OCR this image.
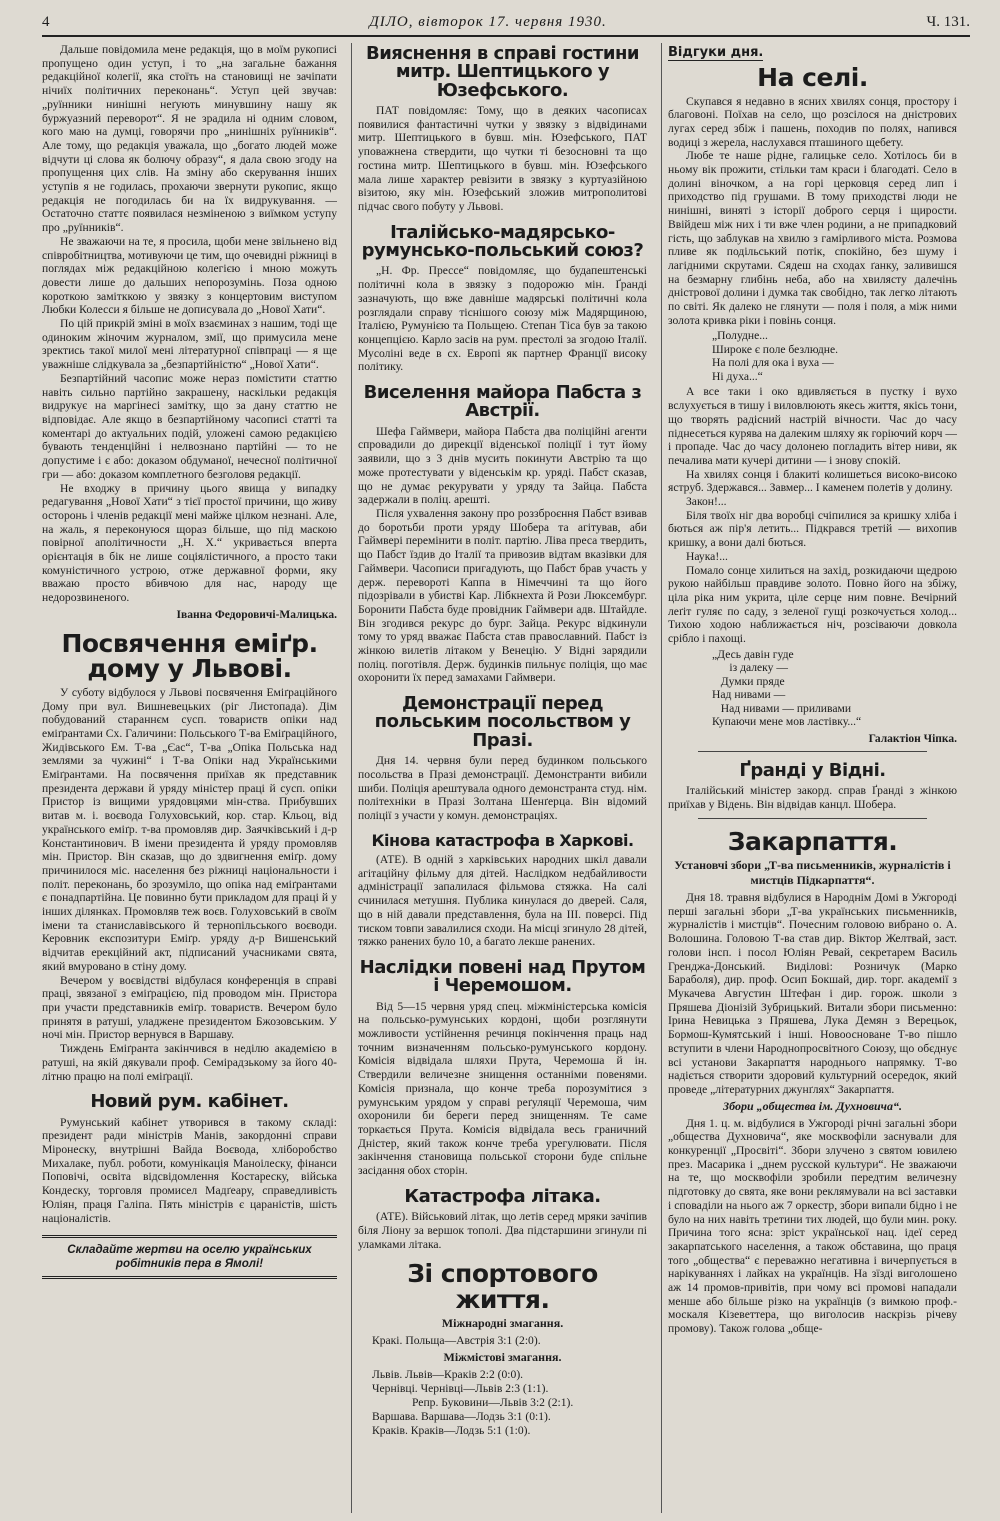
4	ДІЛО, вівторок 17. червня 1930.	Ч. 131.

Дальше повідомила мене редакція, що в моїм рукописі пропущено один уступ, і то „на загальне бажання редакційної колегії, яка стоїть на становищі не зачіпати нічиїх політичних переконань“. Уступ цей звучав: „руїнники нинішні неґують минувшину нашу як буржуазний переворот“. Я не зрадила ні одним словом, кого маю на думці, говорячи про „нинішніх руїнників“. Але тому, що редакція уважала, що „богато людей може відчути ці слова як болючу образу“, я дала свою згоду на пропущення цих слів. На зміну або скерування інших уступів я не годилась, прохаючи звернути рукопис, якщо редакція не погодилась би на їх видрукування. — Остаточно статтє появилася незміненою з виїмком уступу про „руїнників“.

Не зважаючи на те, я просила, щоби мене звільнено від співробітництва, мотивуючи це тим, що очевидні ріжниці в поглядах між редакційною колегією і мною можуть довести лише до дальших непорозумінь. Поза одною короткою замітккою у звязку з концертовим виступом Любки Колесси я більше не дописувала до „Нової Хати“.

По цій прикрій зміні в моїх взаєминах з нашим, тоді ще одиноким жіночим журналом, змії, що примусила мене зректись такої милої мені літературної співпраці — я ще уважніше слідкувала за „безпартійністю“ „Нової Хати“.

Безпартійний часопис може нераз помістити статтю навіть сильно партійно закрашену, наскільки редакція видрукує на маргінесі замітку, що за дану статтю не відповідає. Але якщо в безпартійному часописі статті та коментарі до актуальних подій, уложені самою редакцією бувають тенденційні і нелвознано партійні — то не допустиме і є або: доказом обдуманої, нечесної політичної гри — або: доказом комплетного безголовя редакції.

Не входжу в причину цього явища у випадку редагування „Нової Хати“ з тієї простої причини, що живу осторонь і членів редакції мені майже цілком незнані. Але, на жаль, я переконуюся щораз більше, що під маскою повірної аполітичности „Н. Х.“ укривається вперта орієнтація в бік не лише соціялістичного, а просто таки комуністичного устрою, отже державної форми, яку вважаю просто вбивчою для нас, народу ще недорозвиненого.

Іванна Федоровичі-Малицька.
Посвячення еміґр. дому у Львові.

У суботу відбулося у Львові посвячення Еміґраційного Дому при вул. Вишневецьких (ріг Листопада). Дім побудований стараннєм сусп. товариств опіки над еміґрантами Сх. Галичини: Польського Т-ва Еміґраційного, Жидівського Ем. Т-ва „Єас“, Т-ва „Опіка Польська над землями за чужині“ і Т-ва Опіки над Українськими Еміґрантами. На посвячення приїхав як представник президента держави й уряду міністер праці й сусп. опіки Пристор із вищими урядовцями мін-ства. Прибувших витав м. і. воєвода Голуховський, кор. стар. Кльоц, від українського еміґр. т-ва промовляв дир. Заячківський і д-р Константинович. В імени президента й уряду промовляв мін. Пристор. Він сказав, що до здвигнення еміґр. дому причинилося міс. населення без ріжниці національности і політ. переконань, бо зрозуміло, що опіка над еміґрантами є понадпартійна. Це повинно бути прикладом для праці й у інших ділянках. Промовляв теж воєв. Голуховський в своїм імени та станиславівського й тернопільського воєводи. Керовник експозитури Еміґр. уряду д-р Вишенський відчитав ерекційний акт, підписаний учасниками свята, який вмуровано в стіну дому.

Вечером у воєвідстві відбулася конференція в справі праці, звязаної з еміґрацією, під проводом мін. Пристора при участи представників еміґр. товариств. Вечером було принятя в ратуші, уладжене президентом Бжозовським. У ночі мін. Пристор вернувся в Варшаву.

Тиждень Еміґранта закінчився в неділю академією в ратуші, на якій дякували проф. Семірадзькому за його 40-літню працю на полі еміґрації.

Новий рум. кабінет.

Румунський кабінет утворився в такому складі: президент ради міністрів Манів, закордонні справи Міронеску, внутрішні Вайда Воєвода, хліборобство Михалаке, публ. роботи, комунікація Маноілеску, фінанси Поповічі, освіта відсвідомлення Костареску, війська Кондеску, торговля промисел Мадґеару, справедливість Юліян, праця Галіпа. Пять міністрів є цараністів, шість націоналістів.

Складайте жертви на оселю українських робітників пера в Ямолі!
Вияснення в справі гостини митр. Шептицького у Юзефського.

ПАТ повідомляє: Тому, що в деяких часописах появилися фантастичні чутки у звязку з відвідинами митр. Шептицького в бувш. мін. Юзефського, ПАТ уповажнена ствердити, що чутки ті безосновні та що гостина митр. Шептицького в бувш. мін. Юзефського мала лише характер ревізити в звязку з куртуазійною візитою, яку мін. Юзефський зложив митрополитові підчас свого побуту у Львові.

Італійсько-мадярсько-румунсько-польський союз?

„Н. Фр. Прессе“ повідомляє, що будапештенські політичні кола в звязку з подорожю мін. Ґранді зазначують, що вже давніше мадярські політичні кола розглядали справу тіснішого союзу між Мадярщиною, Італією, Румунією та Польщею. Степан Тіса був за такою концепцією. Карло засів на рум. престолі за згодою Італії. Мусоліні веде в сх. Европі як партнер Франції високу політику.

Виселення майора Пабста з Австрії.

Шефа Гаймвери, майора Пабста два поліційні агенти спровадили до дирекції віденської поліції і тут йому заявили, що з 3 днів мусить покинути Австрію та що може протестувати у віденськім кр. уряді. Пабст сказав, що не думає рекурувати у уряду та Зайца. Пабста задержали в поліц. арешті.

Після ухвалення закону про роззброєння Пабст взивав до боротьби проти уряду Шобера та агітував, аби Гаймвері перемінити в політ. партію. Ліва преса твердить, що Пабст їздив до Італії та привозив відтам вказівки для Гаймвери. Часописи пригадують, що Пабст брав участь у держ. перевороті Каппа в Німеччині та що його підозрівали в убистві Кар. Лібкнехта й Рози Люксембург. Боронити Пабста буде провідник Гаймвери адв. Штайдле. Він згодився рекурс до бург. Зайца. Рекурс відкинули тому то уряд вважає Пабста став православний. Пабст із жінкою вилетів літаком у Венецію. У Відні зарядили поліц. поготівля. Держ. будинків пильнує поліція, що має охоронити їх перед замахами Гаймвери.

Демонстрації перед польським посольством у Празі.

Дня 14. червня були перед будинком польського посольства в Празі демонстрації. Демонстранти вибили шиби. Поліція арештувала одного демонстранта студ. нім. політехніки в Празі Золтана Шенґерца. Він відомий поліції з участи у комун. демонстраціях.

Кінова катастрофа в Харкові.

(АТЕ). В одній з харківських народних шкіл давали агітаційну фільму для дітей. Наслідком недбайливости адміністрації запалилася фільмова стяжка. На салі счинилася метушня. Публика кинулася до дверей. Саля, що в ній давали представлення, була на III. поверсі. Під тиском товпи завалилися сходи. На місці згинуло 28 дітей, тяжко ранених було 10, а багато лекше ранених.

Наслідки повені над Прутом і Черемошом.

Від 5—15 червня уряд спец. міжміністерська комісія на польсько-румунських кордоні, щоби розглянути можливости устійнення речинця покінчення праць над точним визначенням польсько-румунського кордону. Комісія відвідала шляхи Прута, Черемоша й ін. Ствердили величезне знищення останніми повенями. Комісія признала, що конче треба порозумітися з румунським урядом у справі реґуляції Черемоша, чим охоронили би береги перед знищенням. Те саме торкається Прута. Комісія відвідала весь граничний Дністер, який також конче треба урегулювати. Після закінчення становища польської сторони буде спільне засідання обох сторін.

Катастрофа літака.

(АТЕ). Військовий літак, що летів серед мряки зачіпив біля Ліону за вершок тополі. Два підстаршини згинули пі уламками літака.

Зі спортового життя.
Міжнародні змагання.
Кракі. Польща—Австрія 3:1 (2:0).
Міжмістові змагання.
Львів. Львів—Краків 2:2 (0:0).
Чернівці. Чернівці—Львів 2:3 (1:1).
Репр. Буковини—Львів 3:2 (2:1).
Варшава. Варшава—Лодзь 3:1 (0:1).
Краків. Краків—Лодзь 5:1 (1:0).
Відгуки дня.
На селі.

Скупався я недавно в ясних хвилях сонця, простору і благовоні. Поїхав на село, що розсілося на дністрових лугах серед збіж і пашень, походив по полях, напився водиці з жерела, наслухався пташиного щебету.

Любе те наше рідне, галицьке село. Хотілось би в ньому вік прожити, стільки там краси і благодаті. Село в долині віночком, а на горі церковця серед лип і приходство під грушами. В тому приходстві люди не нинішні, виняті з історії доброго серця і щирости. Ввійдеш між них і ти вже член родини, а не припадковий гість, що заблукав на хвилю з гамірливого міста. Розмова пливе як подільський потік, спокійно, без шуму і лагідними скрутами. Сядеш на сходах ґанку, заливишся на безмарну глибінь неба, або на хвилясту далечінь дністрової долини і думка так свобідно, так легко літають по світі. Як далеко не глянути — поля і поля, а між ними золота кривка ріки і повінь сонця.

„Полудне...
Широке є поле безлюдне.
На полі для ока і вуха —
Ні духа...“

А все таки і око вдивляється в пустку і вухо вслухується в тишу і виловлюють якесь життя, якісь тони, що творять радісний настрій вічности. Час до часу піднесеться курява на далеким шляху як горіючий корч — і пропаде. Час до часу долонею погладить вітер ниви, як печалива мати кучері дитини — і знову спокій.

На хвилях сонця і блакиті колишеться високо-високо яструб. Здержався... Завмер... І каменем полетів у долину.

Закон!...

Біля твоїх ніг два воробці счіпилися за кришку хліба і бються аж пір'я летить... Підкрався третій — вихопив кришку, а вони далі бються.

Наука!...

Помало сонце хилиться на захід, розкидаючи щедрою рукою найбільш правдиве золото. Повно його на збіжу, ціла ріка ним укрита, ціле серце ним повне. Вечірний леґіт гуляє по саду, з зеленої гущі розкочується холод... Тихою ходою наближається ніч, розсіваючи довкола срібло і пахощі.

„Десь давін гуде
із далеку —
Думки пряде
Над нивами —
Над нивами — приливами
Купаючи мене мов ластівку...“
Галактіон Чіпка.
Ґранді у Відні.

Італійський міністер закорд. справ Ґранді з жінкою приїхав у Відень. Він відвідав канцл. Шобера.

Закарпаття.
Установчі збори „Т-ва письменників, журналістів і мистців Підкарпаття“.

Дня 18. травня відбулися в Народнім Домі в Ужгороді перші загальні збори „Т-ва українських письменників, журналістів і мистців“. Почесним головою вибрано о. А. Волошина. Головою Т-ва став дир. Віктор Желтвай, заст. голови інсп. і посол Юліян Ревай, секретарем Василь Гренджа-Донський. Виділові: Розничук (Марко Бараболя), дир. проф. Осип Бокшай, дир. торг. академії з Мукачева Августин Штефан і дир. горож. школи з Пряшева Діонізій Зубрицький. Витали збори письменно: Ірина Невицька з Пряшева, Лука Демян з Верецьок, Бормош-Кумятський і інші. Новоосноване Т-во пішло вступити в члени Народнопросвітного Союзу, що обєднує всі установи Закарпаття народнього напрямку. Т-во надіється створити здоровий культурний осередок, який проведе „літературних джунґлях“ Закарпаття.

Збори „общества ім. Духновича“.

Дня 1. ц. м. відбулися в Ужгороді річні загальні збори „общества Духновича“, яке москвофіли заснували для конкуренції „Просвіті“. Збори злучено з святом ювилею през. Масарика і „днем русской культури“. Не зважаючи на те, що москвофіли зробили передтим величезну підготовку до свята, яке вони реклямували на всі заставки і споваділи на нього аж 7 оркестр, збори випали бідно і не було на них навіть третини тих людей, що були мин. року. Причина того ясна: зріст української нац. ідеї серед закарпатського населення, а також обставина, що праця того „общества“ є переважно негативна і вичерпується в нарікуваннях і лайках на українців. На зїзді виголошено аж 14 промов-привітів, при чому всі промові нападали менше або більше різко на українців (з вимкою проф.-москаля Кізеветтера, що виголосив наскрізь річеву промову). Також голова „обще-
